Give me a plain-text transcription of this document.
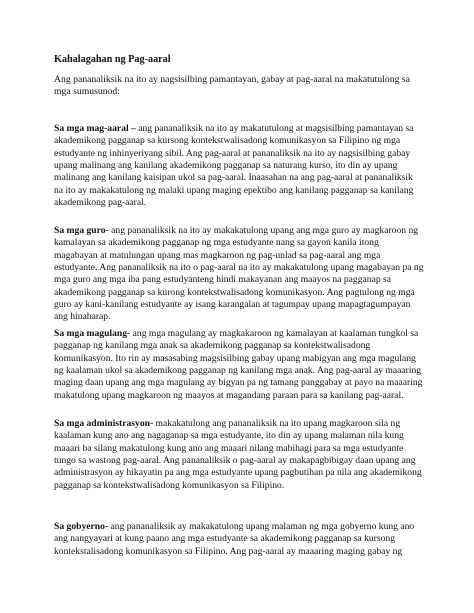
Kahalagahan ng Pag-aaral

Ang pananaliksik na ito ay nagsisilbing pamantayan, gabay at pag-aaral na makatutulong sa mga sumusunod:

Sa mga mag-aaral – ang pananaliksik na ito ay makatutulong at magsisilbing pamantayan sa akademikong pagganap sa kursong kontekstwalisadong komunikasyon sa Filipino ng mga estudyante ng inhinyeriyang sibil. Ang pag-aaral at pananaliksik na ito ay nagsisilbing gabay upang malinang ang kanilang akademikong pagganap sa naturang kurso, ito din ay upang malinang ang kanilang kaisipan ukol sa pag-aaral. Inaasahan na ang pag-aaral at pananaliksik na ito ay makakatulong ng malaki upang maging epektibo ang kanilang pagganap sa kanilang akademikong pag-aaral.

Sa mga guro- ang pananaliksik na ito ay makakatulong upang ang mga guro ay magkaroon ng kamalayan sa akademikong pagganap ng mga estudyante nang sa gayon kanila itong magabayan at matulungan upang mas magkaroon ng pag-unlad sa pag-aaral ang mga estudyante. Ang pananaliksik na ito o pag-aaral na ito ay makakatulong upang magabayan pa ng mga guro ang mga iba pang estudyanteng hindi makayanan ang maayos na pagganap sa akademikong pagganap sa kurong kontekstwalisadong komunikasyon. Ang pagtulong ng mga guro ay kani-kanilang estudyante ay isang karangalan at tagumpay upang mapagtagumpayan ang hinaharap.

Sa mga magulang- ang mga magulang ay magkakaroon ng kamalayan at kaalaman tungkol sa pagganap ng kanilang mga anak sa akademikong pagganap sa kontekstwalisadong komunikasyon. Ito rin ay masasabing magsisilbing gabay upang mabigyan ang mga magulang ng kaalaman ukol sa akademikong pagganap ng kanilang mga anak. Ang pag-aaral ay maaaring maging daan upang ang mga magulang ay bigyan pa ng tamang panggabay at payo na maaaring makatulong upang magkaroon ng maayos at magandang paraan para sa kanilang pag-aaral.

Sa mga administrasyon- makakatulong ang pananaliksik na ito upang magkaroon sila ng kaalaman kung ano ang nagaganap sa mga estudyante, ito din ay upang malaman nila kung maaari ba silang makatulong kung ano ang maaari nilang mabihagi para sa mga estudyante tungo sa wastong pag-aaral. Ang pananaliksik o pag-aaral ay makapagbibigay daan upang ang administrasyon ay hikayatin pa ang mga estudyante upang pagbutihan pa nila ang akademikong pagganap sa kontekstwalisadong komunikasyon sa Filipino.

Sa gobyerno- ang pananaliksik ay makakatulong upang malaman ng mga gobyerno kung ano ang nangyayari at kung paano ang mga estudyante sa akademikong pagganap sa kursong kontekstalisadong komunikasyon sa Filipino. Ang pag-aaral ay maaaring maging gabay ng
